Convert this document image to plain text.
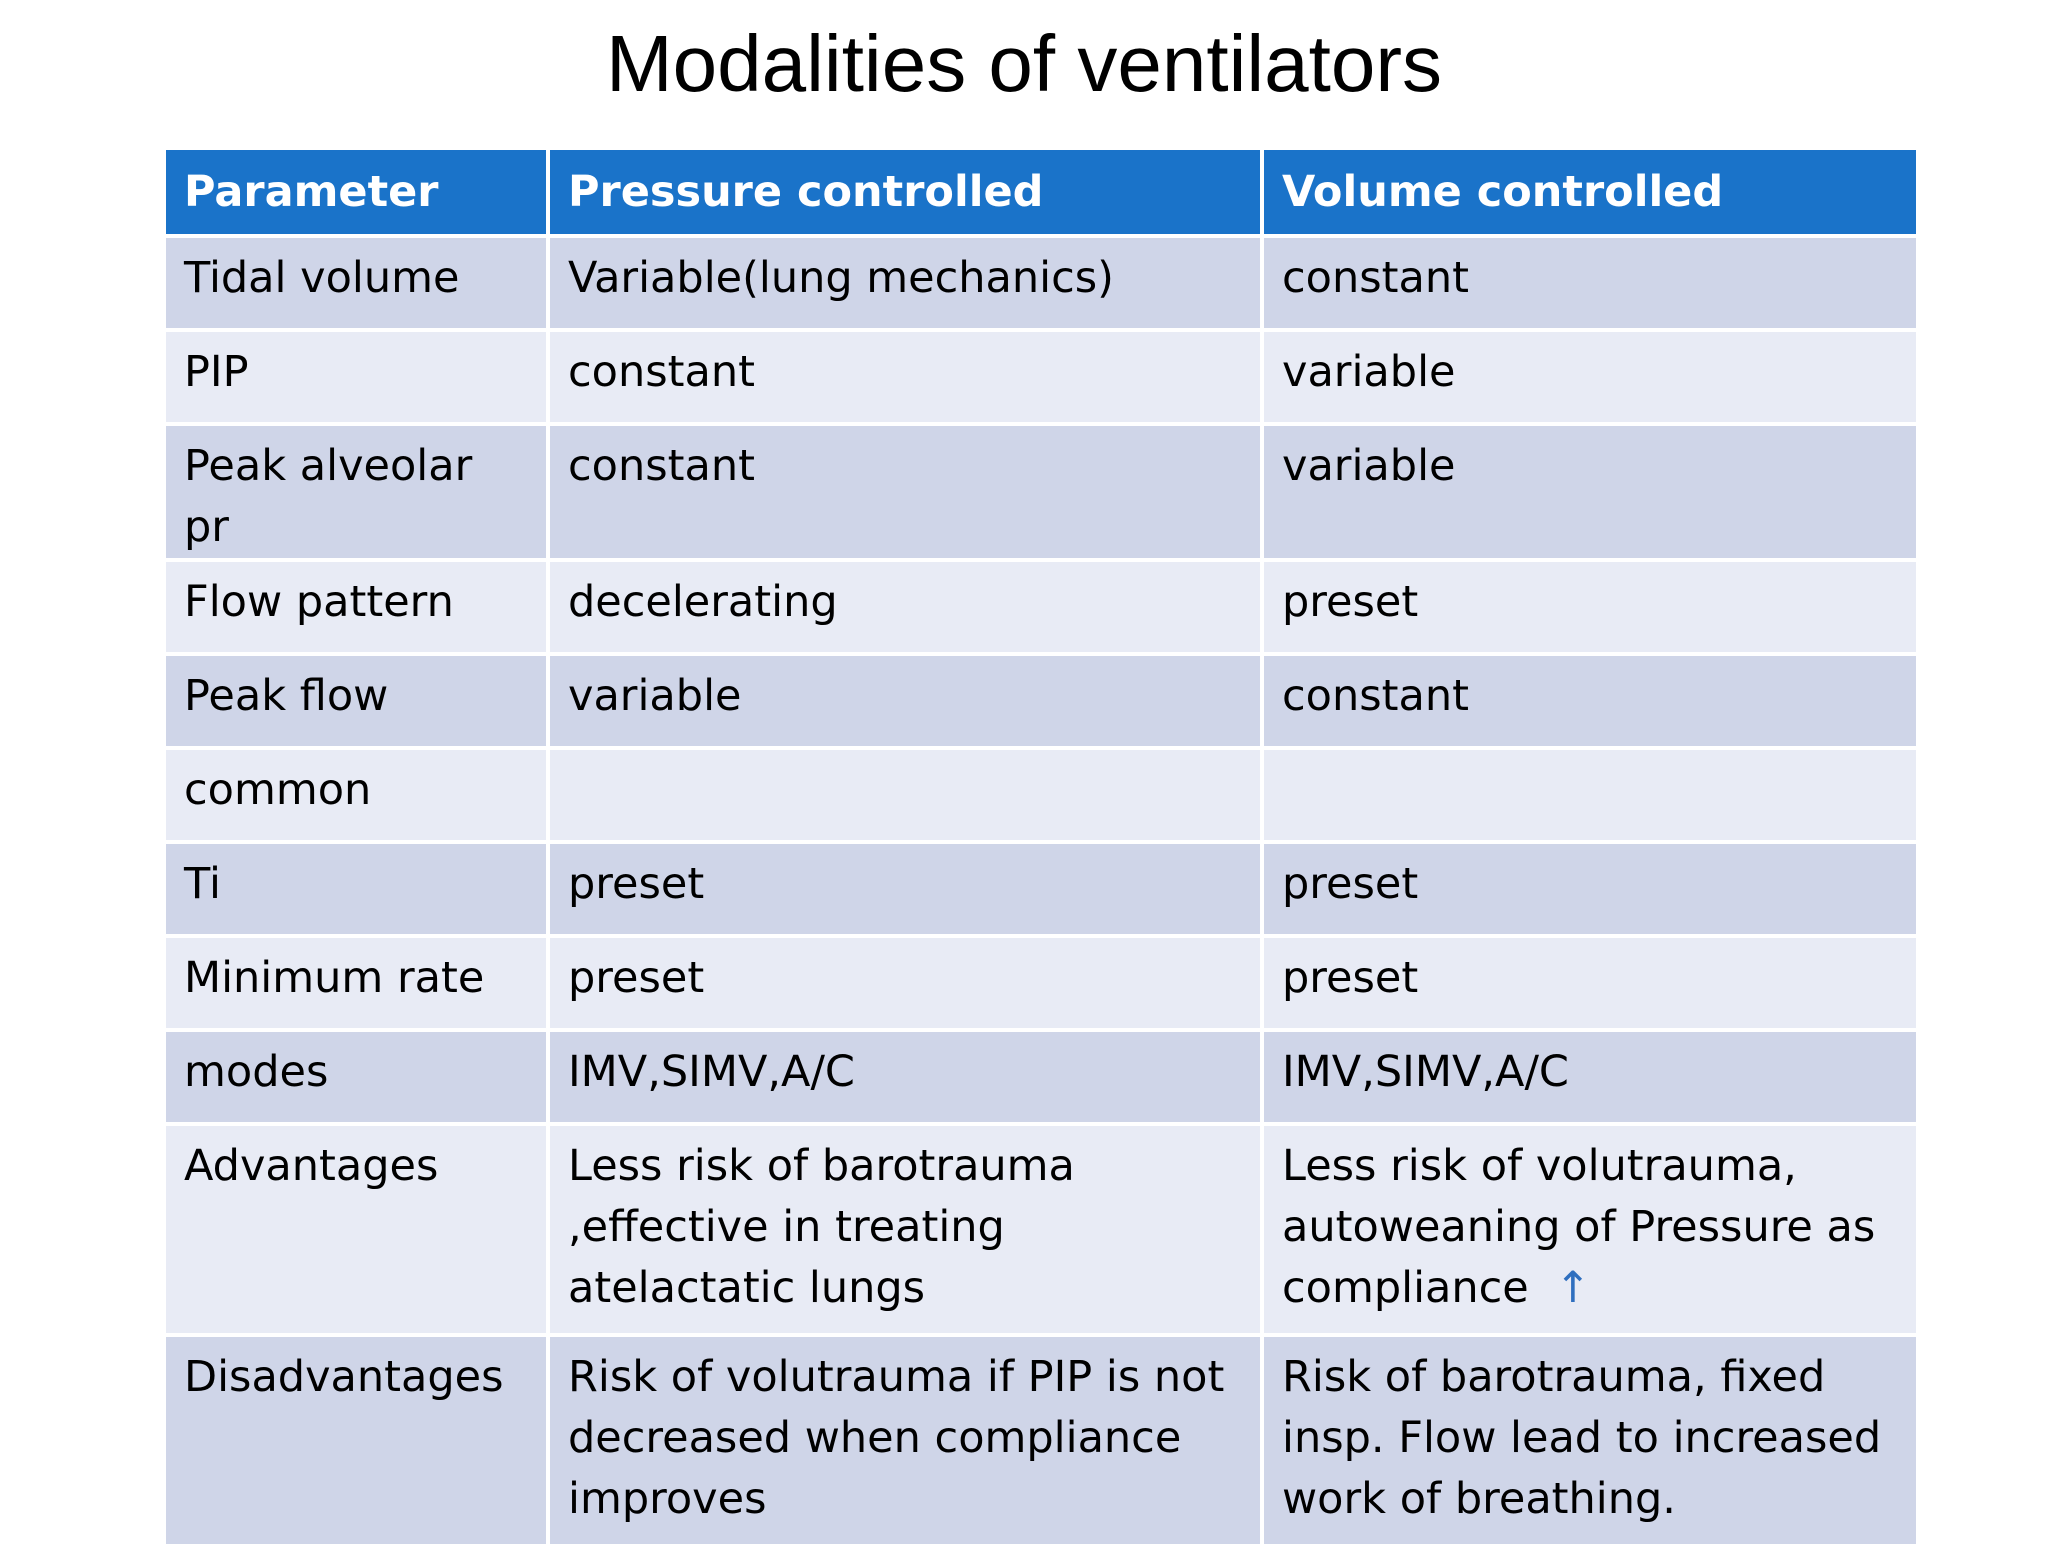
Modalities of ventilators
Parameter	Pressure controlled	Volume controlled
Tidal volume	Variable(lung mechanics)	constant
PIP	constant	variable
Peak alveolar pr	constant	variable
Flow pattern	decelerating	preset
Peak flow	variable	constant
common		
Ti	preset	preset
Minimum rate	preset	preset
modes	IMV,SIMV,A/C	IMV,SIMV,A/C
Advantages	Less risk of barotrauma ,effective in treating atelactatic lungs	Less risk of volutrauma, autoweaning of Pressure as compliance ↑
Disadvantages	Risk of volutrauma if PIP is not decreased when compliance improves	Risk of barotrauma, fixed insp. Flow lead to increased work of breathing.
